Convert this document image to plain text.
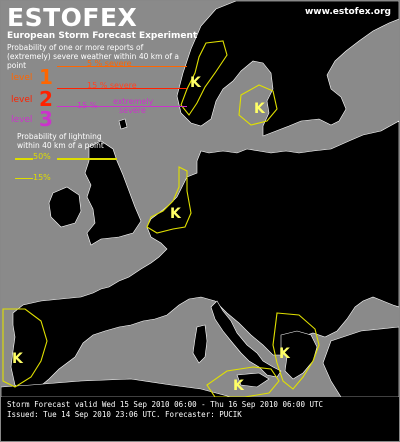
K
K
K
K	K
K
ESTOFEX
European Storm Forecast Experiment
www.estofex.org
Probability of one or more reports of
(extremely) severe weather within 40 km of a point
level 1
5 % severe
level 2
15 % severe
level 3
15 % extremely
severe
Probability of lightning
within 40 km of a point
50%
15%
Storm Forecast valid Wed 15 Sep 2010 06:00 - Thu 16 Sep 2010 06:00 UTC
Issued: Tue 14 Sep 2010 23:06 UTC. Forecaster: PUCIK
